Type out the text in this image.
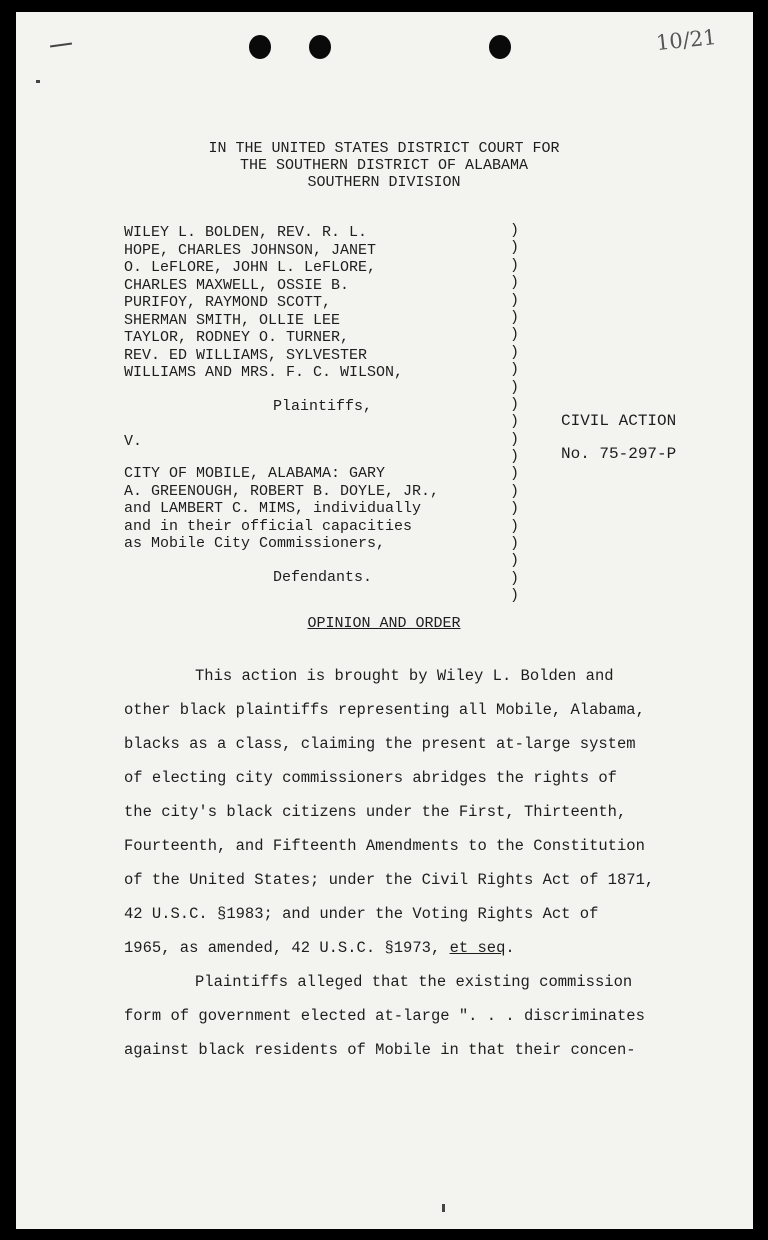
10/21
IN THE UNITED STATES DISTRICT COURT FOR
THE SOUTHERN DISTRICT OF ALABAMA
SOUTHERN DIVISION
WILEY L. BOLDEN, REV. R. L.
HOPE, CHARLES JOHNSON, JANET
O. LeFLORE, JOHN L. LeFLORE,
CHARLES MAXWELL, OSSIE B.
PURIFOY, RAYMOND SCOTT,
SHERMAN SMITH, OLLIE LEE
TAYLOR, RODNEY O. TURNER,
REV. ED WILLIAMS, SYLVESTER
WILLIAMS AND MRS. F. C. WILSON,
Plaintiffs,
V.
CITY OF MOBILE, ALABAMA: GARY
A. GREENOUGH, ROBERT B. DOYLE, JR.,
and LAMBERT C. MIMS, individually
and in their official capacities
as Mobile City Commissioners,
Defendants.
)
)
)
)
)
)
)
)
)
)
)
)
)
)
)
)
)
)
)
)
)
)
CIVIL ACTION
No. 75-297-P
OPINION AND ORDER
This action is brought by Wiley L. Bolden and
other black plaintiffs representing all Mobile, Alabama,
blacks as a class, claiming the present at-large system
of electing city commissioners abridges the rights of
the city's black citizens under the First, Thirteenth,
Fourteenth, and Fifteenth Amendments to the Constitution
of the United States; under the Civil Rights Act of 1871,
42 U.S.C. §1983; and under the Voting Rights Act of
1965, as amended, 42 U.S.C. §1973, et seq.
Plaintiffs alleged that the existing commission
form of government elected at-large ". . . discriminates
against black residents of Mobile in that their concen-
